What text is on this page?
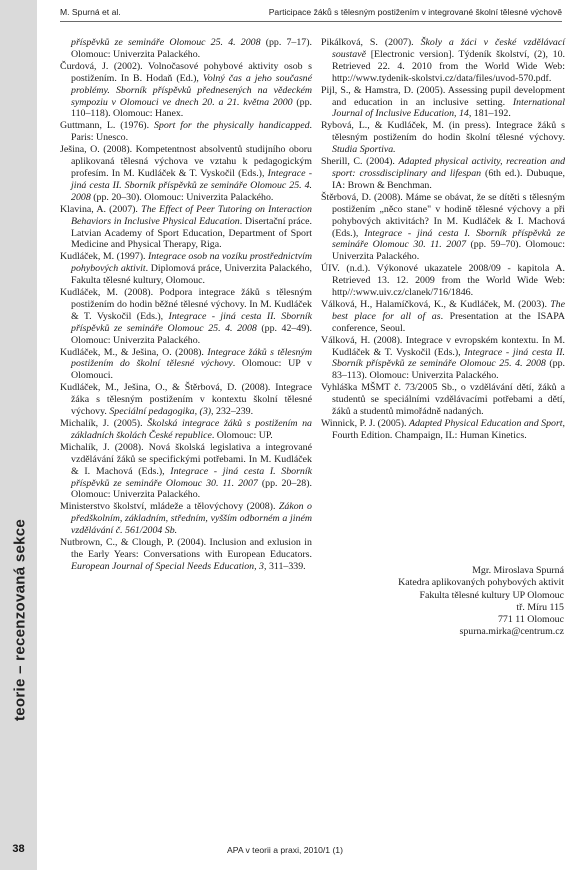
M. Spurná et al.	Participace žáků s tělesným postižením v integrované školní tělesné výchově
teorie – recenzovaná sekce
38
příspěvků ze semináře Olomouc 25. 4. 2008 (pp. 7–17). Olomouc: Univerzita Palackého.
Čurdová, J. (2002). Volnočasové pohybové aktivity osob s postižením. In B. Hodaň (Ed.), Volný čas a jeho současné problémy. Sborník příspěvků přednesených na vědeckém sympoziu v Olomouci ve dnech 20. a 21. května 2000 (pp. 110–118). Olomouc: Hanex.
Guttmann, L. (1976). Sport for the physically handicapped. Paris: Unesco.
Ješina, O. (2008). Kompetentnost absolventů studijního oboru aplikovaná tělesná výchova ve vztahu k pedagogickým profesím. In M. Kudláček & T. Vyskočil (Eds.), Integrace - jiná cesta II. Sborník příspěvků ze semináře Olomouc 25. 4. 2008 (pp. 20–30). Olomouc: Univerzita Palackého.
Klavina, A. (2007). The Effect of Peer Tutoring on Interaction Behaviors in Inclusive Physical Education. Disertační práce. Latvian Academy of Sport Education, Department of Sport Medicine and Physical Therapy, Riga.
Kudláček, M. (1997). Integrace osob na vozíku prostřednictvím pohybových aktivit. Diplomová práce, Univerzita Palackého, Fakulta tělesné kultury, Olomouc.
Kudláček, M. (2008). Podpora integrace žáků s tělesným postižením do hodin běžné tělesné výchovy. In M. Kudláček & T. Vyskočil (Eds.), Integrace - jiná cesta II. Sborník příspěvků ze semináře Olomouc 25. 4. 2008 (pp. 42–49). Olomouc: Univerzita Palackého.
Kudláček, M., & Ješina, O. (2008). Integrace žáků s tělesným postižením do školní tělesné výchovy. Olomouc: UP v Olomouci.
Kudláček, M., Ješina, O., & Štěrbová, D. (2008). Integrace žáka s tělesným postižením v kontextu školní tělesné výchovy. Speciální pedagogika, (3), 232–239.
Michalík, J. (2005). Školská integrace žáků s postižením na základních školách České republice. Olomouc: UP.
Michalík, J. (2008). Nová školská legislativa a integrované vzdělávání žáků se specifickými potřebami. In M. Kudláček & I. Machová (Eds.), Integrace - jiná cesta I. Sborník příspěvků ze semináře Olomouc 30. 11. 2007 (pp. 20–28). Olomouc: Univerzita Palackého.
Ministerstvo školství, mládeže a tělovýchovy (2008). Zákon o předškolním, základním, středním, vyšším odborném a jiném vzdělávání č. 561/2004 Sb.
Nutbrown, C., & Clough, P. (2004). Inclusion and exlusion in the Early Years: Conversations with European Educators. European Journal of Special Needs Education, 3, 311–339.
Pikálková, S. (2007). Školy a žáci v české vzdělávací soustavě [Electronic version]. Týdeník školství, (2), 10. Retrieved 22. 4. 2010 from the World Wide Web: http://www.tydenik-skolstvi.cz/data/files/uvod-570.pdf.
Pijl, S., & Hamstra, D. (2005). Assessing pupil development and education in an inclusive setting. International Journal of Inclusive Education, 14, 181–192.
Rybová, L., & Kudláček, M. (in press). Integrace žáků s tělesným postižením do hodin školní tělesné výchovy. Studia Sportiva.
Sherill, C. (2004). Adapted physical activity, recreation and sport: crossdisciplinary and lifespan (6th ed.). Dubuque, IA: Brown & Benchman.
Štěrbová, D. (2008). Máme se obávat, že se dítěti s tělesným postižením „něco stane" v hodině tělesné výchovy a při pohybových aktivitách? In M. Kudláček & I. Machová (Eds.), Integrace - jiná cesta I. Sborník příspěvků ze semináře Olomouc 30. 11. 2007 (pp. 59–70). Olomouc: Univerzita Palackého.
ÚIV. (n.d.). Výkonové ukazatele 2008/09 - kapitola A. Retrieved 13. 12. 2009 from the World Wide Web: http//:www.uiv.cz/clanek/716/1846.
Válková, H., Halamíčková, K., & Kudláček, M. (2003). The best place for all of as. Presentation at the ISAPA conference, Seoul.
Válková, H. (2008). Integrace v evropském kontextu. In M. Kudláček & T. Vyskočil (Eds.), Integrace - jiná cesta II. Sborník příspěvků ze semináře Olomouc 25. 4. 2008 (pp. 83–113). Olomouc: Univerzita Palackého.
Vyhláška MŠMT č. 73/2005 Sb., o vzdělávání dětí, žáků a studentů se speciálními vzdělávacími potřebami a dětí, žáků a studentů mimořádně nadaných.
Winnick, P. J. (2005). Adapted Physical Education and Sport, Fourth Edition. Champaign, IL: Human Kinetics.
Mgr. Miroslava Spurná
Katedra aplikovaných pohybových aktivit
Fakulta tělesné kultury UP Olomouc
tř. Míru 115
771 11 Olomouc
spurna.mirka@centrum.cz
APA v teorii a praxi, 2010/1 (1)
